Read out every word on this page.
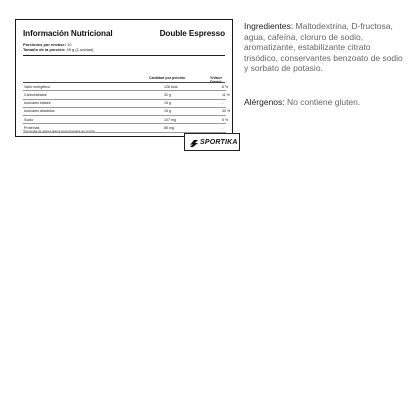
Información Nutricional	Double Espresso
Porciones por envase: 10
Tamaño de la porción: 45 g (1 unidad)
Cantidad por porción	%Valor Diario*
Valor energético	128 kcal	6 %
Carbohidratos	32 g	11 %
Azúcares totales	15 g	-
Azúcares añadidos	15 g	30 %
Sodio	107 mg	5 %
Proteínas	85 mg	-
*Porcentaje de valores diarios proporcionados por porción
SPORTIKA
Ingredientes: Maltodextrina, D-fructosa, agua, cafeína, cloruro de sodio, aromatizante, estabilizante citrato trisódico, conservantes benzoato de sodio y sorbato de potasio.
Alérgenos: No contiene gluten.
